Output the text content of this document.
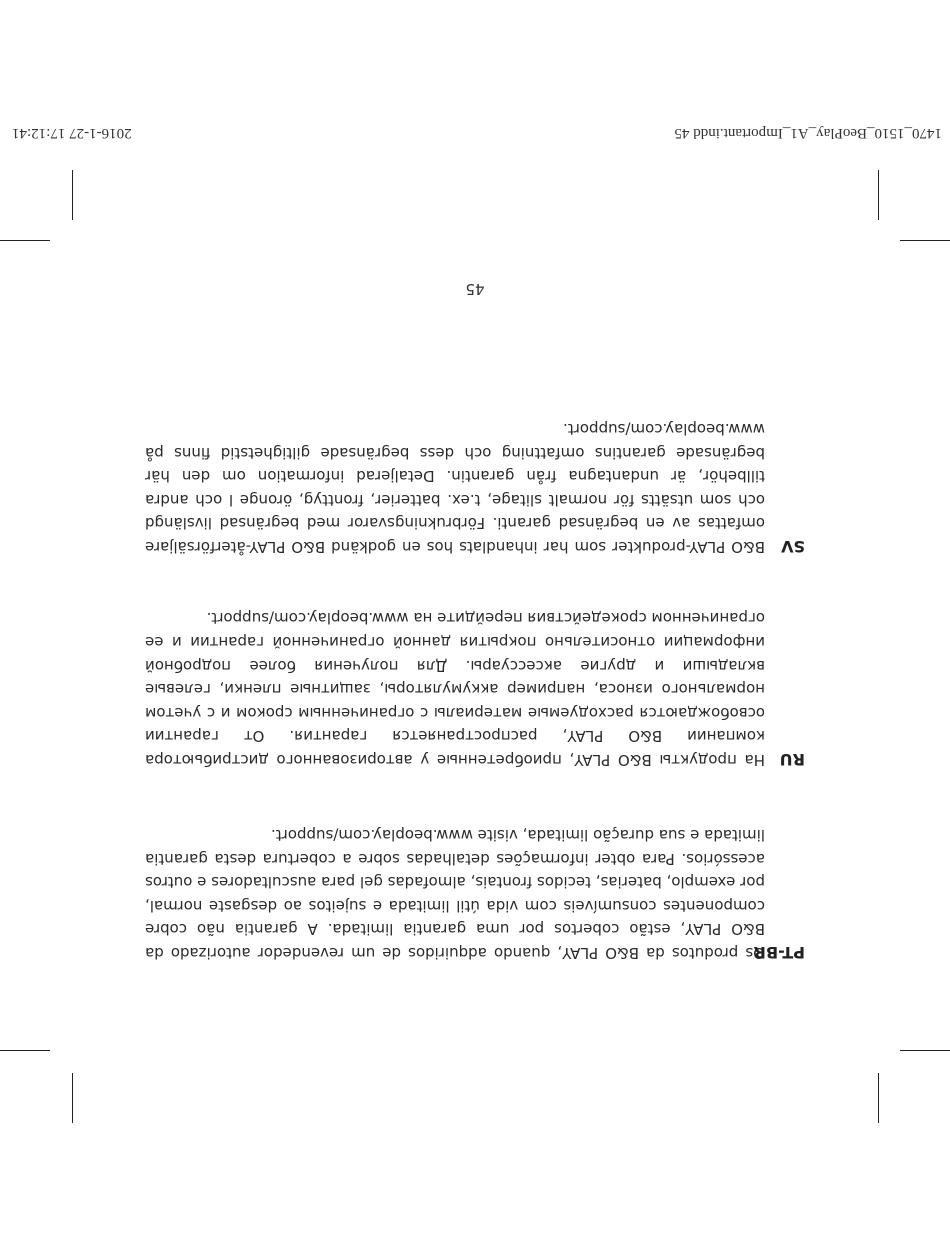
PT-BR

Os produtos da B&O PLAY, quando adquiridos de um revendedor autorizado da B&O PLAY, estão cobertos por uma garantia limitada. A garantia não cobre componentes consumíveis com vida útil limitada e sujeitos ao desgaste normal, por exemplo, baterias, tecidos frontais, almofadas gel para auscultadores e outros acessórios. Para obter informações detalhadas sobre a cobertura desta garantia limitada e sua duração limitada, visite www.beoplay.com/support.

RU

На продукты B&O PLAY, приобретенные у авторизованного дистрибьютора компании B&O PLAY, распространяется гарантия. От гарантии освобождаются расходуемые материалы с ограниченным сроком и с учетом нормального износа, например аккумуляторы, защитные пленки, гелевые вкладыши и другие аксессуары. Для получения более подробной информации относительно покрытия данной ограниченной гарантии и ее ограниченном срокедействия перейдите на www.beoplay.com/support.

SV

B&O PLAY-produkter som har inhandlats hos en godkänd B&O PLAY-återförsäljare omfattas av en begränsad garanti. Förbrukningsvaror med begränsad livslängd och som utsätts för normalt slitage, t.ex. batterier, fronttyg, öronge l och andra tillbehör, är undantagna från garantin. Detaljerad information om den här begränsade garantins omfattning och dess begränsade giltighetstid finns på www.beoplay.com/support.

45
1470_1510_BeoPlay_A1_Important.indd 45
2016-1-27 17:12:41
